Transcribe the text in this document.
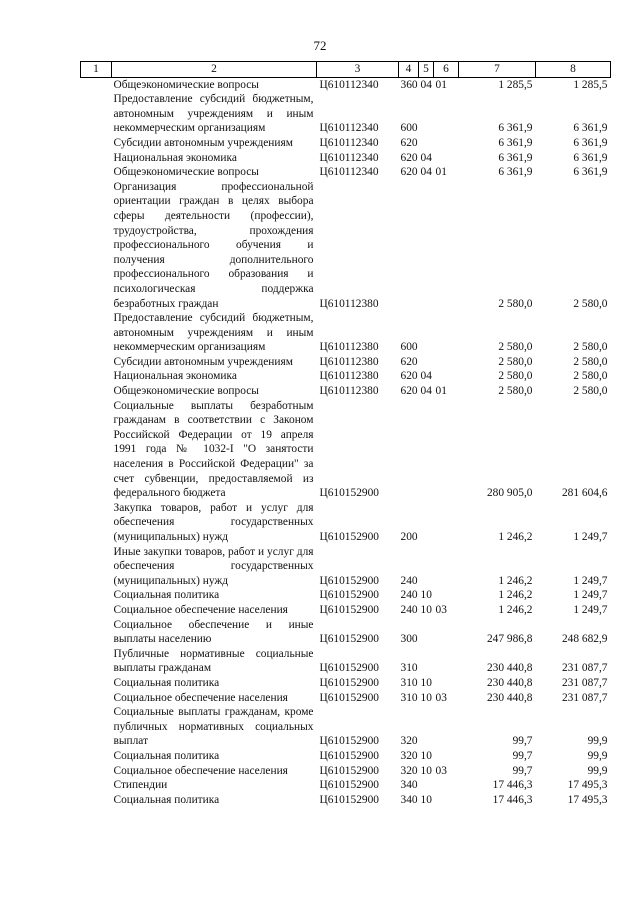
72
1	2	3	4	5	6	7	8
	Общеэкономические вопросы	Ц610112340	360	04	01	1 285,5	1 285,5
	Предоставление субсидий бюджетным, автономным учреждениям и иным некоммерческим организациям	Ц610112340	600			6 361,9	6 361,9
	Субсидии автономным учреждениям	Ц610112340	620			6 361,9	6 361,9
	Национальная экономика	Ц610112340	620	04		6 361,9	6 361,9
	Общеэкономические вопросы	Ц610112340	620	04	01	6 361,9	6 361,9
	Организация профессиональной ориентации граждан в целях выбора сферы деятельности (профессии), трудоустройства, прохождения профессионального обучения и получения дополнительного профессионального образования и психологическая поддержка безработных граждан	Ц610112380				2 580,0	2 580,0
	Предоставление субсидий бюджетным, автономным учреждениям и иным некоммерческим организациям	Ц610112380	600			2 580,0	2 580,0
	Субсидии автономным учреждениям	Ц610112380	620			2 580,0	2 580,0
	Национальная экономика	Ц610112380	620	04		2 580,0	2 580,0
	Общеэкономические вопросы	Ц610112380	620	04	01	2 580,0	2 580,0
	Социальные выплаты безработным гражданам в соответствии с Законом Российской Федерации от 19 апреля 1991 года № 1032-I "О занятости населения в Российской Федерации" за счет субвенции, предоставляемой из федерального бюджета	Ц610152900				280 905,0	281 604,6
	Закупка товаров, работ и услуг для обеспечения государственных (муниципальных) нужд	Ц610152900	200			1 246,2	1 249,7
	Иные закупки товаров, работ и услуг для обеспечения государственных (муниципальных) нужд	Ц610152900	240			1 246,2	1 249,7
	Социальная политика	Ц610152900	240	10		1 246,2	1 249,7
	Социальное обеспечение населения	Ц610152900	240	10	03	1 246,2	1 249,7
	Социальное обеспечение и иные выплаты населению	Ц610152900	300			247 986,8	248 682,9
	Публичные нормативные социальные выплаты гражданам	Ц610152900	310			230 440,8	231 087,7
	Социальная политика	Ц610152900	310	10		230 440,8	231 087,7
	Социальное обеспечение населения	Ц610152900	310	10	03	230 440,8	231 087,7
	Социальные выплаты гражданам, кроме публичных нормативных социальных выплат	Ц610152900	320			99,7	99,9
	Социальная политика	Ц610152900	320	10		99,7	99,9
	Социальное обеспечение населения	Ц610152900	320	10	03	99,7	99,9
	Стипендии	Ц610152900	340			17 446,3	17 495,3
	Социальная политика	Ц610152900	340	10		17 446,3	17 495,3
